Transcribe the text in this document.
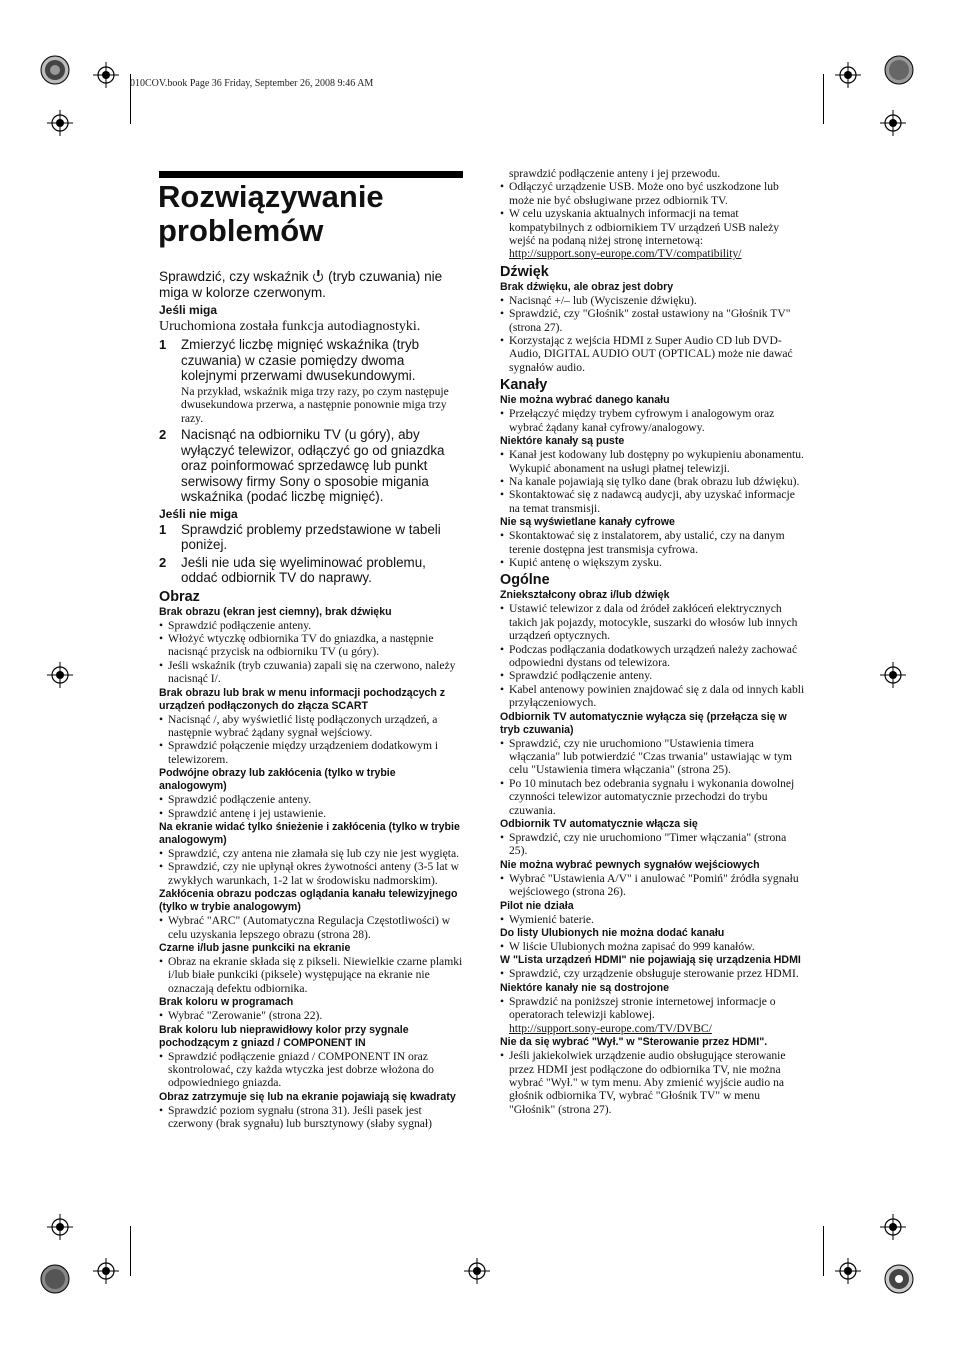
010COV.book Page 36 Friday, September 26, 2008 9:46 AM
Rozwiązywanie problemów

Sprawdzić, czy wskaźnik (tryb czuwania) nie miga w kolorze czerwonym.

Jeśli miga

Uruchomiona została funkcja autodiagnostyki.

1 Zmierzyć liczbę mignięć wskaźnika (tryb czuwania) w czasie pomiędzy dwoma kolejnymi przerwami dwusekundowymi.
Na przykład, wskaźnik miga trzy razy, po czym następuje dwusekundowa przerwa, a następnie ponownie miga trzy razy.
2 Nacisnąć na odbiorniku TV (u góry), aby wyłączyć telewizor, odłączyć go od gniazdka oraz poinformować sprzedawcę lub punkt serwisowy firmy Sony o sposobie migania wskaźnika (podać liczbę mignięć).
Jeśli nie miga
1 Sprawdzić problemy przedstawione w tabeli poniżej.
2 Jeśli nie uda się wyeliminować problemu, oddać odbiornik TV do naprawy.
Obraz
Brak obrazu (ekran jest ciemny), brak dźwięku
• Sprawdzić podłączenie anteny.
• Włożyć wtyczkę odbiornika TV do gniazdka, a następnie nacisnąć przycisk na odbiorniku TV (u góry).
• Jeśli wskaźnik (tryb czuwania) zapali się na czerwono, należy nacisnąć I/.
Brak obrazu lub brak w menu informacji pochodzących z urządzeń podłączonych do złącza SCART
• Nacisnąć /, aby wyświetlić listę podłączonych urządzeń, a następnie wybrać żądany sygnał wejściowy.
• Sprawdzić połączenie między urządzeniem dodatkowym i telewizorem.
Podwójne obrazy lub zakłócenia (tylko w trybie analogowym)
• Sprawdzić podłączenie anteny.
• Sprawdzić antenę i jej ustawienie.
Na ekranie widać tylko śnieżenie i zakłócenia (tylko w trybie analogowym)
• Sprawdzić, czy antena nie złamała się lub czy nie jest wygięta.
• Sprawdzić, czy nie upłynął okres żywotności anteny (3-5 lat w zwykłych warunkach, 1-2 lat w środowisku nadmorskim).
Zakłócenia obrazu podczas oglądania kanału telewizyjnego (tylko w trybie analogowym)
• Wybrać "ARC" (Automatyczna Regulacja Częstotliwości) w celu uzyskania lepszego obrazu (strona 28).
Czarne i/lub jasne punkciki na ekranie
• Obraz na ekranie składa się z pikseli. Niewielkie czarne plamki i/lub białe punkciki (piksele) występujące na ekranie nie oznaczają defektu odbiornika.
Brak koloru w programach
• Wybrać "Zerowanie" (strona 22).
Brak koloru lub nieprawidłowy kolor przy sygnale pochodzącym z gniazd / COMPONENT IN
• Sprawdzić podłączenie gniazd / COMPONENT IN oraz skontrolować, czy każda wtyczka jest dobrze włożona do odpowiedniego gniazda.
Obraz zatrzymuje się lub na ekranie pojawiają się kwadraty
• Sprawdzić poziom sygnału (strona 31). Jeśli pasek jest czerwony (brak sygnału) lub bursztynowy (słaby sygnał)
sprawdzić podłączenie anteny i jej przewodu.
• Odłączyć urządzenie USB. Może ono być uszkodzone lub może nie być obsługiwane przez odbiornik TV.
• W celu uzyskania aktualnych informacji na temat kompatybilnych z odbiornikiem TV urządzeń USB należy wejść na podaną niżej stronę internetową:
http://support.sony-europe.com/TV/compatibility/
Dźwięk
Brak dźwięku, ale obraz jest dobry
• Nacisnąć +/– lub (Wyciszenie dźwięku).
• Sprawdzić, czy "Głośnik" został ustawiony na "Głośnik TV" (strona 27).
• Korzystając z wejścia HDMI z Super Audio CD lub DVD-Audio, DIGITAL AUDIO OUT (OPTICAL) może nie dawać sygnałów audio.
Kanały
Nie można wybrać danego kanału
• Przełączyć między trybem cyfrowym i analogowym oraz wybrać żądany kanał cyfrowy/analogowy.
Niektóre kanały są puste
• Kanał jest kodowany lub dostępny po wykupieniu abonamentu. Wykupić abonament na usługi płatnej telewizji.
• Na kanale pojawiają się tylko dane (brak obrazu lub dźwięku).
• Skontaktować się z nadawcą audycji, aby uzyskać informacje na temat transmisji.
Nie są wyświetlane kanały cyfrowe
• Skontaktować się z instalatorem, aby ustalić, czy na danym terenie dostępna jest transmisja cyfrowa.
• Kupić antenę o większym zysku.
Ogólne
Zniekształcony obraz i/lub dźwięk
• Ustawić telewizor z dala od źródeł zakłóceń elektrycznych takich jak pojazdy, motocykle, suszarki do włosów lub innych urządzeń optycznych.
• Podczas podłączania dodatkowych urządzeń należy zachować odpowiedni dystans od telewizora.
• Sprawdzić podłączenie anteny.
• Kabel antenowy powinien znajdować się z dala od innych kabli przyłączeniowych.
Odbiornik TV automatycznie wyłącza się (przełącza się w tryb czuwania)
• Sprawdzić, czy nie uruchomiono "Ustawienia timera włączania" lub potwierdzić "Czas trwania" ustawiając w tym celu "Ustawienia timera włączania" (strona 25).
• Po 10 minutach bez odebrania sygnału i wykonania dowolnej czynności telewizor automatycznie przechodzi do trybu czuwania.
Odbiornik TV automatycznie włącza się
• Sprawdzić, czy nie uruchomiono "Timer włączania" (strona 25).
Nie można wybrać pewnych sygnałów wejściowych
• Wybrać "Ustawienia A/V" i anulować "Pomiń" źródła sygnału wejściowego (strona 26).
Pilot nie działa
• Wymienić baterie.
Do listy Ulubionych nie można dodać kanału
• W liście Ulubionych można zapisać do 999 kanałów.
W "Lista urządzeń HDMI" nie pojawiają się urządzenia HDMI
• Sprawdzić, czy urządzenie obsługuje sterowanie przez HDMI.
Niektóre kanały nie są dostrojone
• Sprawdzić na poniższej stronie internetowej informacje o operatorach telewizji kablowej.
http://support.sony-europe.com/TV/DVBC/
Nie da się wybrać "Wył." w "Sterowanie przez HDMI".
• Jeśli jakiekolwiek urządzenie audio obsługujące sterowanie przez HDMI jest podłączone do odbiornika TV, nie można wybrać "Wył." w tym menu. Aby zmienić wyjście audio na głośnik odbiornika TV, wybrać "Głośnik TV" w menu "Głośnik" (strona 27).
